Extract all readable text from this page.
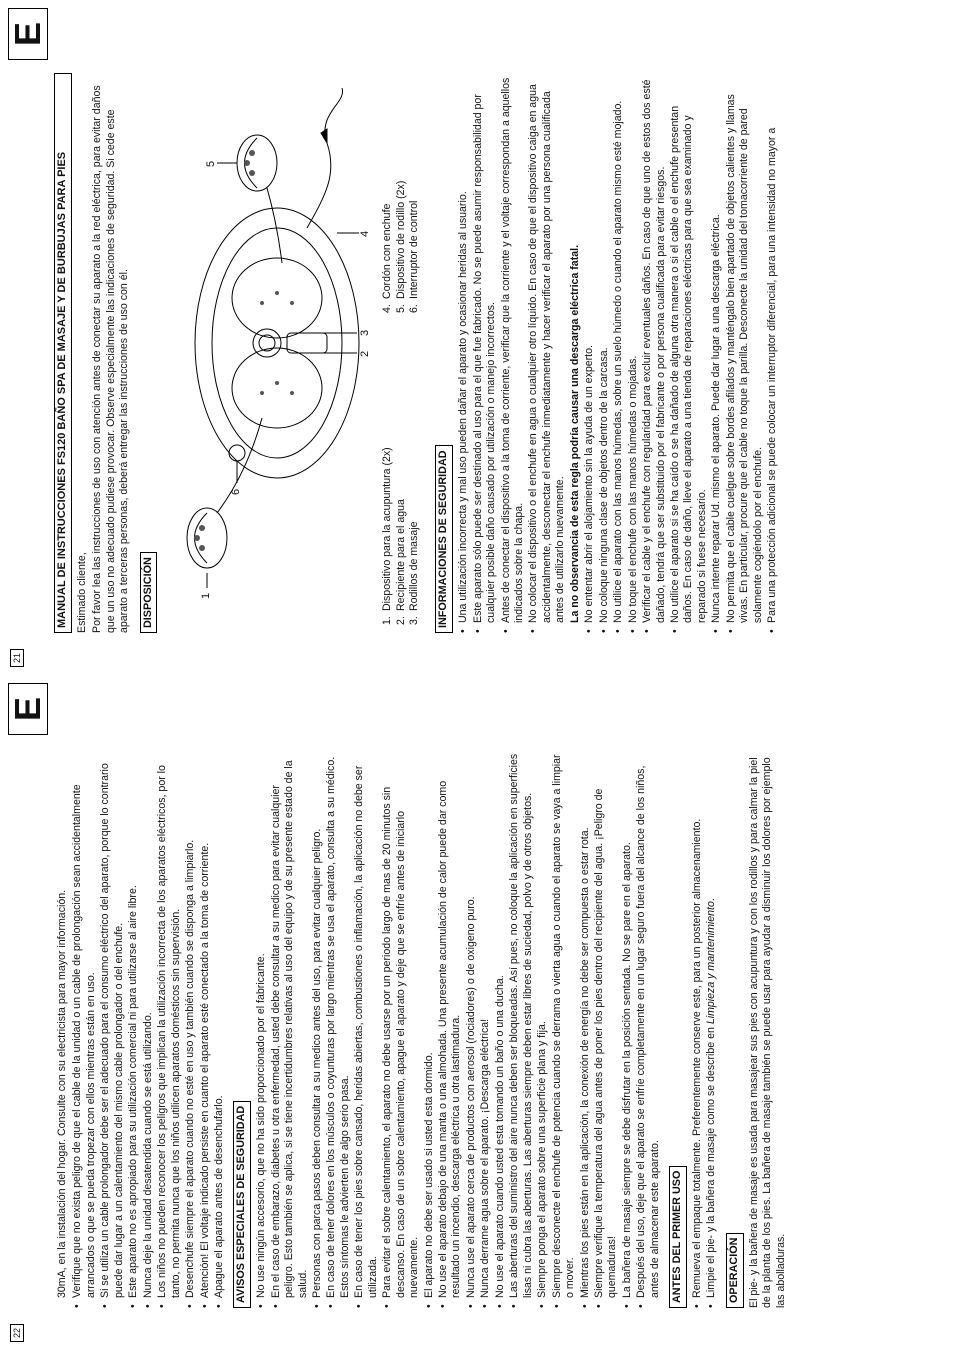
E
MANUAL DE INSTRUCCIONES FS120 BAÑO SPA DE MASAJE Y DE BURBUJAS PARA PIES Estimado cliente, Por favor lea las instrucciones de uso con atención antes de conectar su aparato a la red eléctrica, para evitar daños que un uso no adecuado pudiese provocar. Observe especialmente las indicaciones de seguridad. Si cede este aparato a terceras personas, deberá entregar las instrucciones de uso con él. DISPOSICIÓN	1
6
2
3
4
5
1.
Dispositivo para la acupuntura (2x)
2.
Recipiente para el agua
3.
Rodillos de masaje
4.
Cordón con enchufe
5.
Dispositivo de rodillo (2x)
6.
Interruptor de control
INFORMACIONES DE SEGURIDAD • Una utilización incorrecta y mal uso pueden dañar el aparato y ocasionar heridas al usuario. • Este aparato sólo puede ser destinado al uso para el que fue fabricado. No se puede asumir responsabilidad por cualquier posible daño causado por utilización o manejo incorrectos. • Antes de conectar el dispositivo a la toma de corriente, verificar que la corriente y el voltaje correspondan a aquellos indicados sobre la chapa. • No colocar el dispositivo o el enchufe en agua o cualquier otro líquido. En caso de que el dispositivo caiga en agua accidentalmente, desconectar el enchufe inmediatamente y hacer verificar el aparato por una persona cualificada antes de utilizarlo nuevamente. La no observancia de esta regla podría causar una descarga eléctrica fatal. • No ententar abrir el alojamiento sin la ayuda de un experto. • No coloque ninguna clase de objetos dentro de la carcasa. • No utilice el aparato con las manos húmedas, sobre un suelo húmedo o cuando el aparato mismo esté mojado. • No toque el enchufe con las manos húmedas o mojadas. • Verificar el cable y el enchufe con regularidad para excluir eventuales daños. En caso de que uno de estos dos esté dañado, tendrá que ser substituido por el fabricante o por persona cualificada para evitar riesgos. • No utilice el aparato si se ha caído o se ha dañado de alguna otra manera o si el cable o el enchufe presentan daños. En caso de daño, lleve el aparato a una tienda de reparaciones eléctricas para que sea examinado y reparado si fuese necesario. • Nunca intente reparar Ud. mismo el aparato. Puede dar lugar a una descarga eléctrica. • No permita que el cable cuelgue sobre bordes afilados y manténgalo bien apartado de objetos calientes y llamas vivas. En particular, procure que el cable no toque la parilla. Desconecte la unidad del tomacorriente de pared solamente cogiéndolo por el enchufe. • Para una protección adicional se puede colocar un interruptor diferencial, para una intensidad no mayor a
21
E

30mA, en la instalación del hogar. Consulte con su electricista para mayor información. • Verifique que no exista peligro de que el cable de la unidad o un cable de prolongación sean accidentalmente arrancados o que se pueda tropezar con ellos mientras están en uso. • Si se utiliza un cable prolongador debe ser el adecuado para el consumo eléctrico del aparato, porque lo contrario puede dar lugar a un calentamiento del mismo cable prolongador o del enchufe. • Este aparato no es apropiado para su utilización comercial ni para utilizarse al aire libre. • Nunca deje la unidad desatendida cuando se está utilizando. • Los niños no pueden reconocer los peligros que implican la utilización incorrecta de los aparatos eléctricos, por lo tanto, no permita nunca que los niños utilicen aparatos domésticos sin supervisión. • Desenchufe siempre el aparato cuando no esté en uso y también cuando se disponga a limpiarlo. • Atención! El voltaje indicado persiste en cuanto el aparato esté conectado a la toma de corriente. • Apague el aparato antes de desenchufarlo. AVISOS ESPECIALES DE SEGURIDAD • No use ningún accesorio, que no ha sido proporcionado por el fabricante. • En el caso de embarazo, diabetes u otra enfermedad, usted debe consultar a su medico para evitar cualquier peligro. Esto también se aplica, si se tiene incertidumbres relativas al uso del equipo y de su presente estado de la salud. • Personas con parca pasos deben consultar a su medico antes del uso, para evitar cualquier peligro. • En caso de tener dolores en los músculos o coyunturas por largo mientras se usa el aparato, consulta a su médico. Estos síntomas le advierten de algo serio pasa. • En caso de tener los pies sobre cansado, heridas abiertas, combustiones o inflamación, la aplicación no debe ser utilizada. • Para evitar el sobre calentamiento, el aparato no debe usarse por un periodo largo de mas de 20 minutos sin descanso. En caso de un sobre calentamiento, apague el aparato y deje que se enfríe antes de iniciarlo nuevamente. • El aparato no debe ser usado si usted esta dormido. • No use el aparato debajo de una manta o una almohada. Una presente acumulación de calor puede dar como resultado un incendio, descarga eléctrica u otra lastimadura. • Nunca use el aparato cerca de productos con aerosol (rociadores) o de oxigeno puro. • Nunca derrame agua sobre el aparato. ¡Descarga eléctrica! • No use el aparato cuando usted esta tomando un baño o una ducha. • Las aberturas del suministro del aire nunca deben ser bloqueadas. Así pues, no coloque la aplicación en superficies lisas ni cubra las aberturas. Las aberturas siempre deben estar libres de suciedad, polvo y de otros objetos. • Siempre ponga el aparato sobre una superficie plana y fija. • Siempre desconecte el enchufe de potencia cuando se derrama o vierta agua o cuando el aparato se vaya a limpiar o mover. • Mientras los pies están en la aplicación, la conexión de energía no debe ser compuesta o estar rota. • Siempre verifique la temperatura del agua antes de poner los pies dentro del recipiente del agua. ¡Peligro de quemaduras! • La bañera de masaje siempre se debe disfrutar en la posición sentada. No se pare en el aparato. • Después del uso, deje que el aparato se enfríe completamente en un lugar seguro fuera del alcance de los niños, antes de almacenar este aparato. ANTES DEL PRIMER USO • Remueva el empaque totalmente. Preferentemente conserve este, para un posterior almacenamiento. • Limpie el pie- y la bañera de masaje como se describe en Limpieza y mantenimiento.
OPERACIÓN El pie- y la bañera de masaje es usada para masajear sus pies con acupuntura y con los rodillos y para calmar la piel de la planta de los pies. La bañera de masaje también se puede usar para ayudar a disminuir los dolores por ejemplo las abolladuras.

22
